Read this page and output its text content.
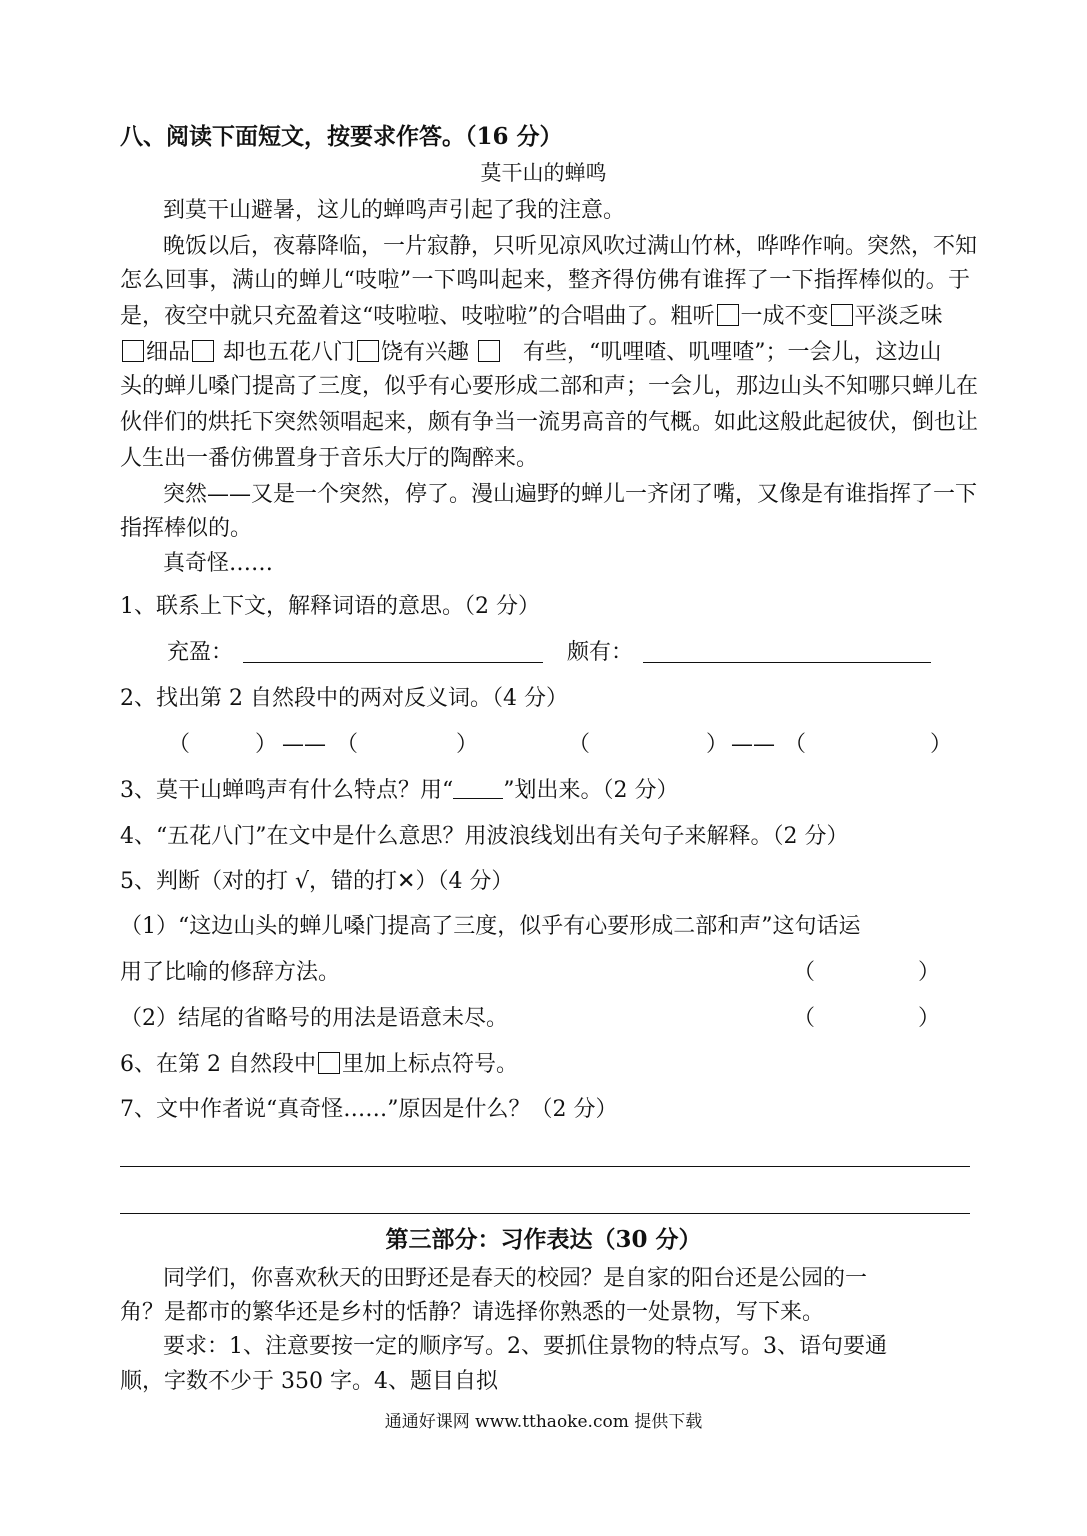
八、阅读下面短文，按要求作答。（16 分）
莫干山的蝉鸣
到莫干山避暑，这儿的蝉鸣声引起了我的注意。
晚饭以后，夜幕降临，一片寂静，只听见凉风吹过满山竹林，哗哗作响。突然，不知
怎么回事，满山的蝉儿“吱啦”一下鸣叫起来，整齐得仿佛有谁挥了一下指挥棒似的。于
是，夜空中就只充盈着这“吱啦啦、吱啦啦”的合唱曲了。粗听 一成不变 平淡乏味
细品 却也五花八门 饶有兴趣 有些，“叽哩喳、叽哩喳”；一会儿，这边山
头的蝉儿嗓门提高了三度，似乎有心要形成二部和声；一会儿，那边山头不知哪只蝉儿在
伙伴们的烘托下突然领唱起来，颇有争当一流男高音的气概。如此这般此起彼伏，倒也让
人生出一番仿佛置身于音乐大厅的陶醉来。
突然——又是一个突然，停了。漫山遍野的蝉儿一齐闭了嘴，又像是有谁指挥了一下
指挥棒似的。
真奇怪……
1、联系上下文，解释词语的意思。（2 分）
充盈：	颇有：
2、找出第 2 自然段中的两对反义词。（4 分）
（	） —— （	）	（	） —— （	）
3、莫干山蝉鸣声有什么特点？用“ ”划出来。（2 分）
4、“五花八门”在文中是什么意思？用波浪线划出有关句子来解释。（2 分）
5、判断（对的打 √，错的打✕）（4 分）
（1）“这边山头的蝉儿嗓门提高了三度，似乎有心要形成二部和声”这句话运
用了比喻的修辞方法。	（	）
（2）结尾的省略号的用法是语意未尽。	（	）
6、在第 2 自然段中 里加上标点符号。
7、文中作者说“真奇怪……”原因是什么？（2 分）
第三部分：习作表达（30 分）
同学们，你喜欢秋天的田野还是春天的校园？是自家的阳台还是公园的一
角？是都市的繁华还是乡村的恬静？请选择你熟悉的一处景物，写下来。
要求：1、注意要按一定的顺序写。2、要抓住景物的特点写。3、语句要通
顺，字数不少于 350 字。4、题目自拟
通通好课网 www.tthaoke.com 提供下载
